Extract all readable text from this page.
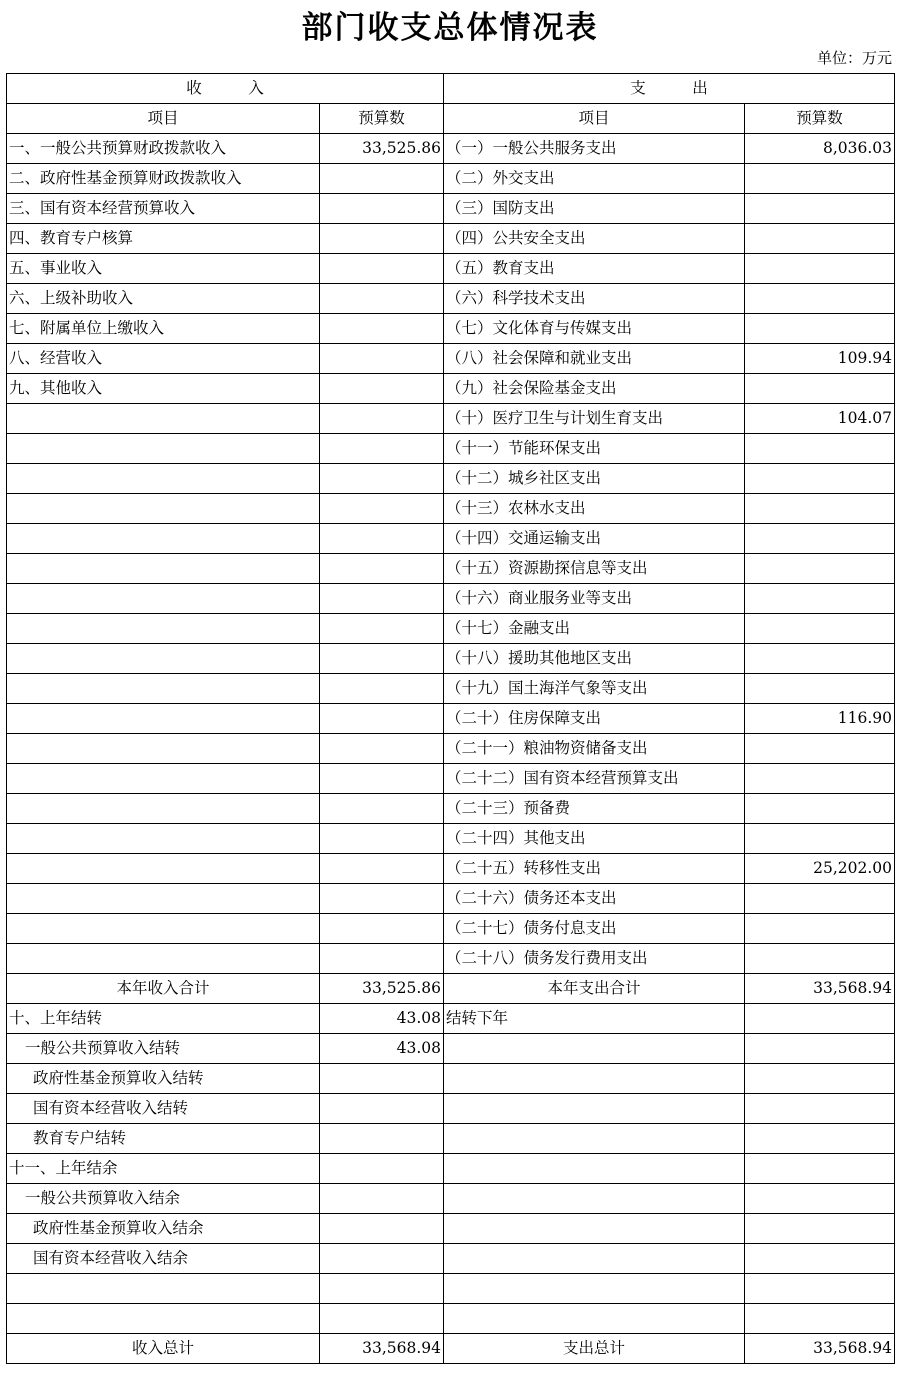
部门收支总体情况表
单位：万元
收　　　入		支　　　出	
项目	预算数	项目	预算数
一、一般公共预算财政拨款收入	33,525.86	（一）一般公共服务支出	8,036.03
二、政府性基金预算财政拨款收入		（二）外交支出	
三、国有资本经营预算收入		（三）国防支出	
四、教育专户核算		（四）公共安全支出	
五、事业收入		（五）教育支出	
六、上级补助收入		（六）科学技术支出	
七、附属单位上缴收入		（七）文化体育与传媒支出	
八、经营收入		（八）社会保障和就业支出	109.94
九、其他收入		（九）社会保险基金支出	
		（十）医疗卫生与计划生育支出	104.07
		（十一）节能环保支出	
		（十二）城乡社区支出	
		（十三）农林水支出	
		（十四）交通运输支出	
		（十五）资源勘探信息等支出	
		（十六）商业服务业等支出	
		（十七）金融支出	
		（十八）援助其他地区支出	
		（十九）国土海洋气象等支出	
		（二十）住房保障支出	116.90
		（二十一）粮油物资储备支出	
		（二十二）国有资本经营预算支出	
		（二十三）预备费	
		（二十四）其他支出	
		（二十五）转移性支出	25,202.00
		（二十六）债务还本支出	
		（二十七）债务付息支出	
		（二十八）债务发行费用支出	
本年收入合计	33,525.86	本年支出合计	33,568.94
十、上年结转	43.08	结转下年	
一般公共预算收入结转	43.08		
政府性基金预算收入结转			
国有资本经营收入结转			
教育专户结转			
十一、上年结余			
一般公共预算收入结余			
政府性基金预算收入结余			
国有资本经营收入结余			

收入总计	33,568.94	支出总计	33,568.94
